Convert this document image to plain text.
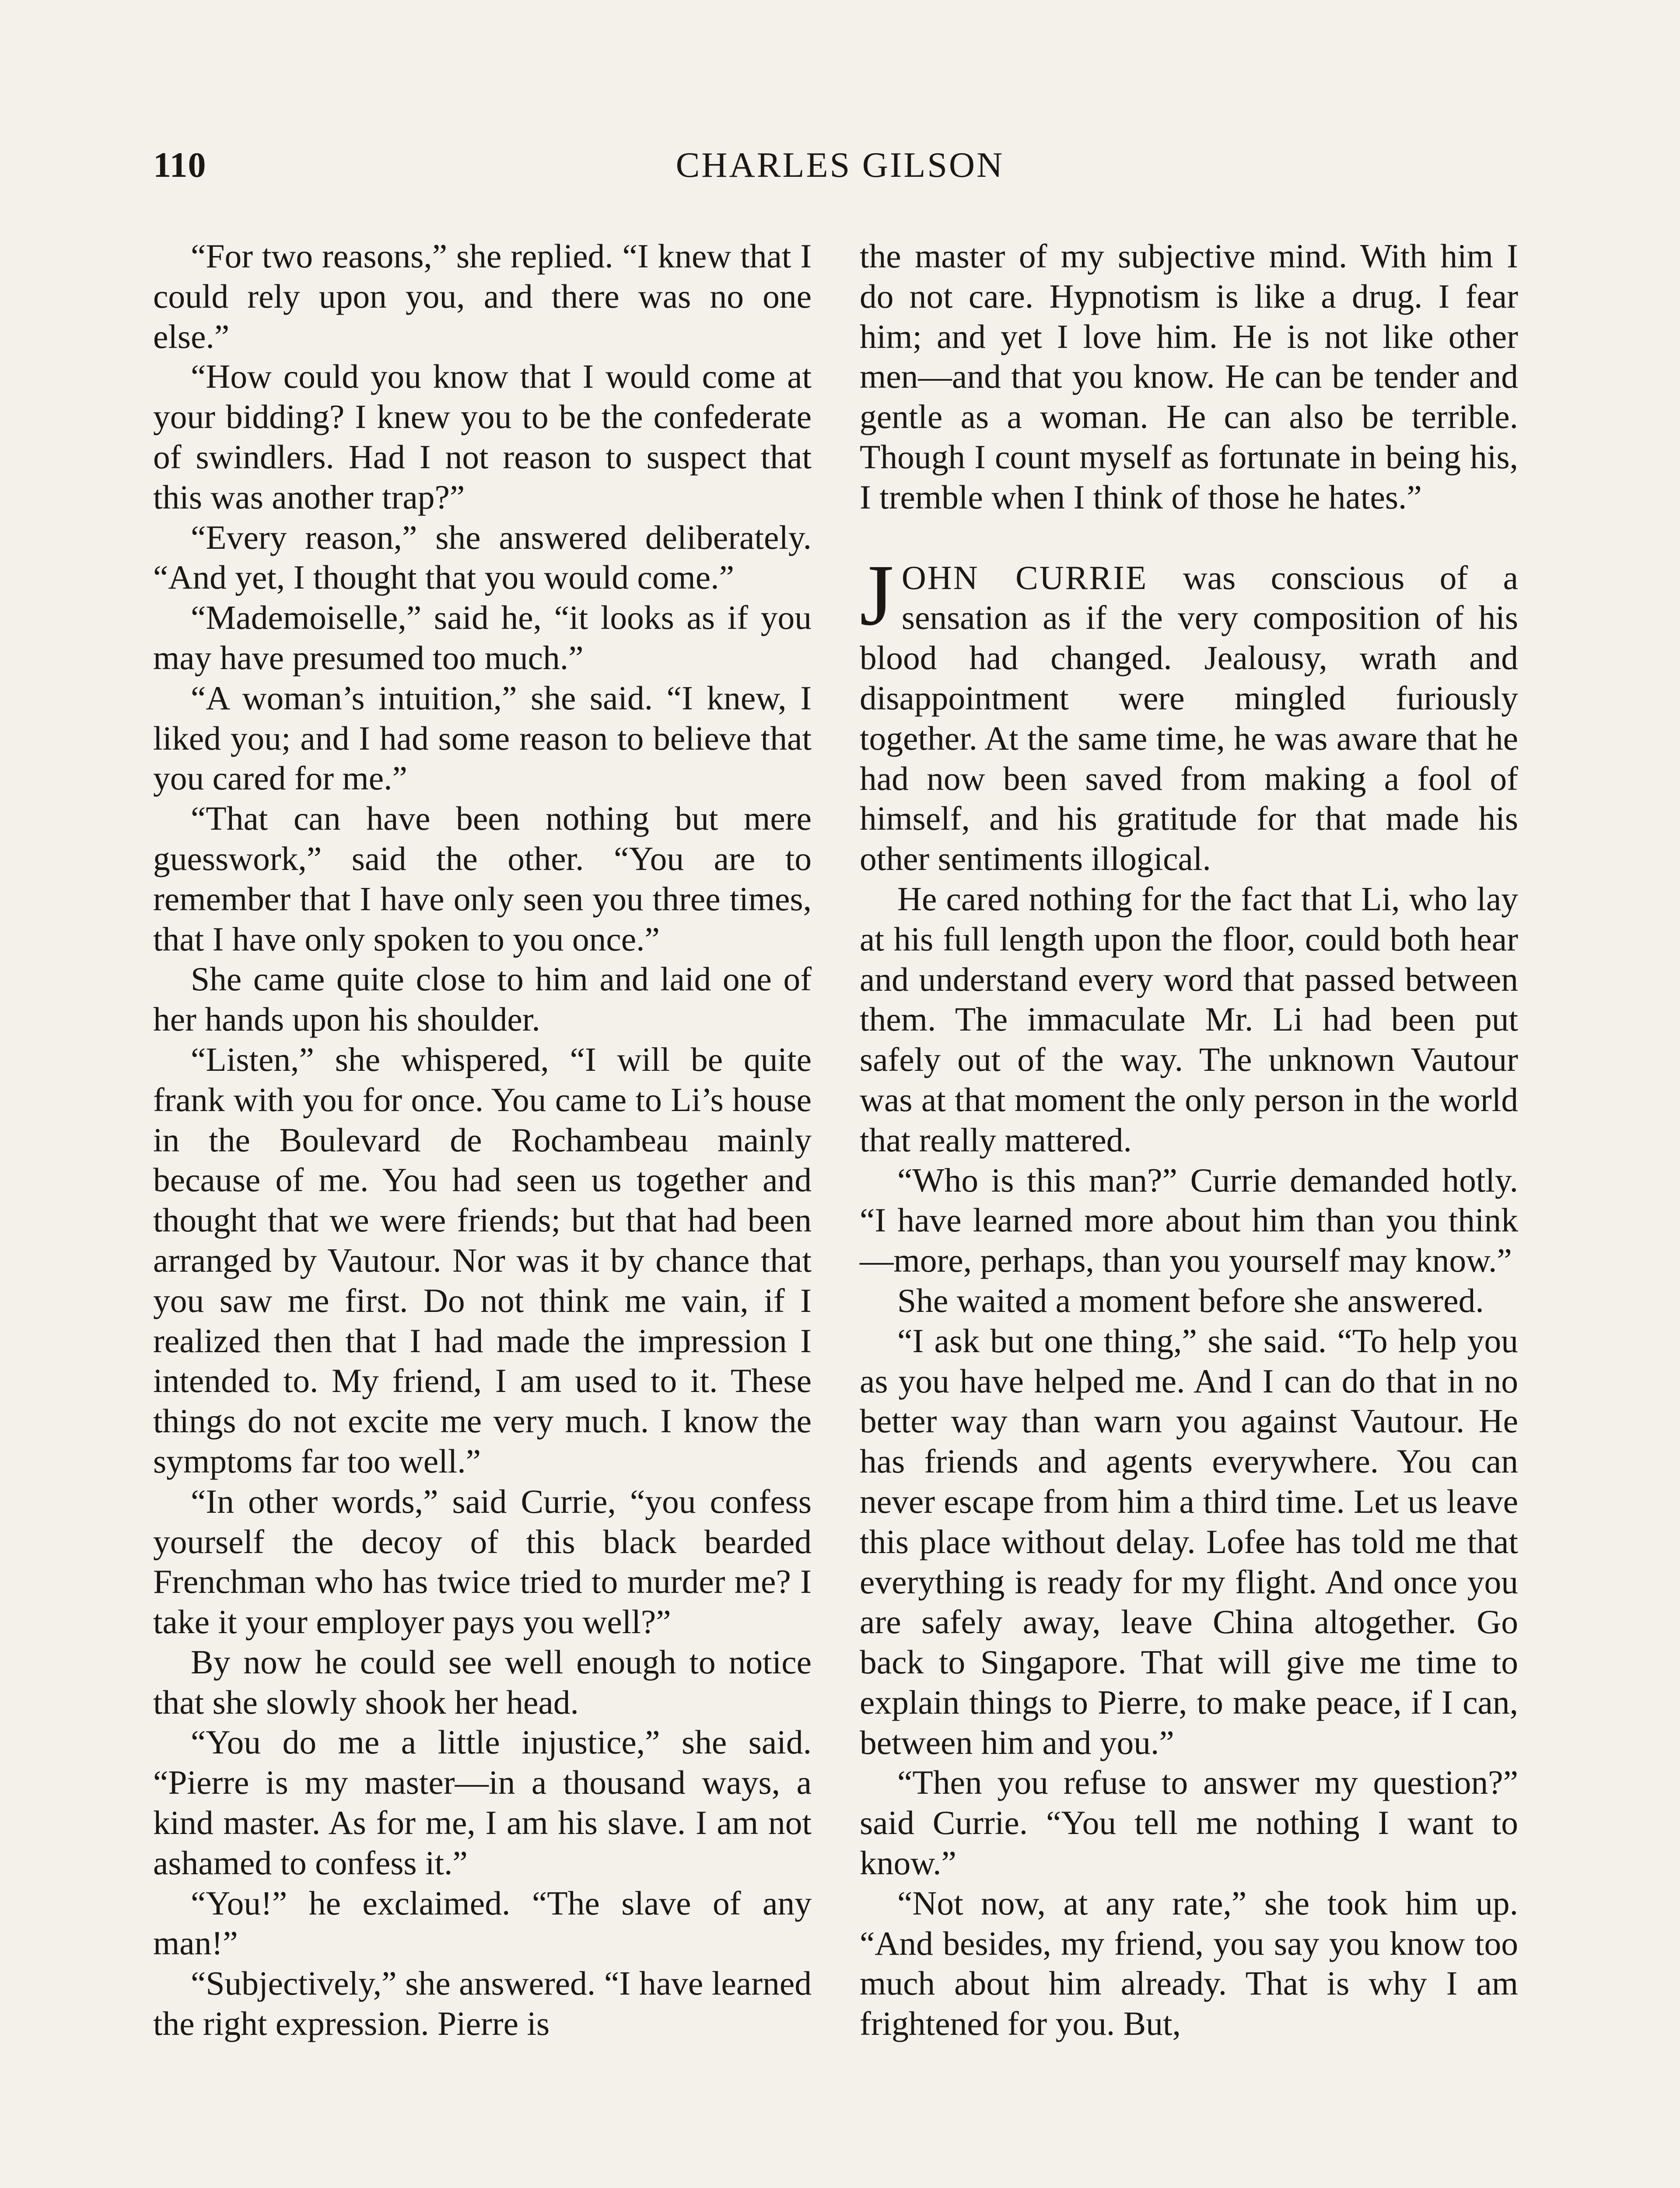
110	CHARLES GILSON

“For two reasons,” she replied. “I knew that I could rely upon you, and there was no one else.”

“How could you know that I would come at your bidding? I knew you to be the confederate of swindlers. Had I not reason to suspect that this was another trap?”

“Every reason,” she answered deliberately. “And yet, I thought that you would come.”

“Mademoiselle,” said he, “it looks as if you may have presumed too much.”

“A woman’s intuition,” she said. “I knew, I liked you; and I had some reason to believe that you cared for me.”

“That can have been nothing but mere guesswork,” said the other. “You are to remember that I have only seen you three times, that I have only spoken to you once.”

She came quite close to him and laid one of her hands upon his shoulder.

“Listen,” she whispered, “I will be quite frank with you for once. You came to Li’s house in the Boulevard de Rochambeau mainly because of me. You had seen us together and thought that we were friends; but that had been arranged by Vautour. Nor was it by chance that you saw me first. Do not think me vain, if I realized then that I had made the impression I intended to. My friend, I am used to it. These things do not excite me very much. I know the symptoms far too well.”

“In other words,” said Currie, “you confess yourself the decoy of this black bearded Frenchman who has twice tried to murder me? I take it your employer pays you well?”

By now he could see well enough to notice that she slowly shook her head.

“You do me a little injustice,” she said. “Pierre is my master—in a thousand ways, a kind master. As for me, I am his slave. I am not ashamed to confess it.”

“You!” he exclaimed. “The slave of any man!”

“Subjectively,” she answered. “I have learned the right expression. Pierre is

the master of my subjective mind. With him I do not care. Hypnotism is like a drug. I fear him; and yet I love him. He is not like other men—and that you know. He can be tender and gentle as a woman. He can also be terrible. Though I count myself as fortunate in being his, I tremble when I think of those he hates.”

JOHN CURRIE was conscious of a sensation as if the very composition of his blood had changed. Jealousy, wrath and disappointment were mingled furiously together. At the same time, he was aware that he had now been saved from making a fool of himself, and his gratitude for that made his other sentiments illogical.

He cared nothing for the fact that Li, who lay at his full length upon the floor, could both hear and understand every word that passed between them. The immaculate Mr. Li had been put safely out of the way. The unknown Vautour was at that moment the only person in the world that really mattered.

“Who is this man?” Currie demanded hotly. “I have learned more about him than you think—more, perhaps, than you yourself may know.”

She waited a moment before she answered.

“I ask but one thing,” she said. “To help you as you have helped me. And I can do that in no better way than warn you against Vautour. He has friends and agents everywhere. You can never escape from him a third time. Let us leave this place without delay. Lofee has told me that everything is ready for my flight. And once you are safely away, leave China altogether. Go back to Singapore. That will give me time to explain things to Pierre, to make peace, if I can, between him and you.”

“Then you refuse to answer my question?” said Currie. “You tell me nothing I want to know.”

“Not now, at any rate,” she took him up. “And besides, my friend, you say you know too much about him already. That is why I am frightened for you. But,
